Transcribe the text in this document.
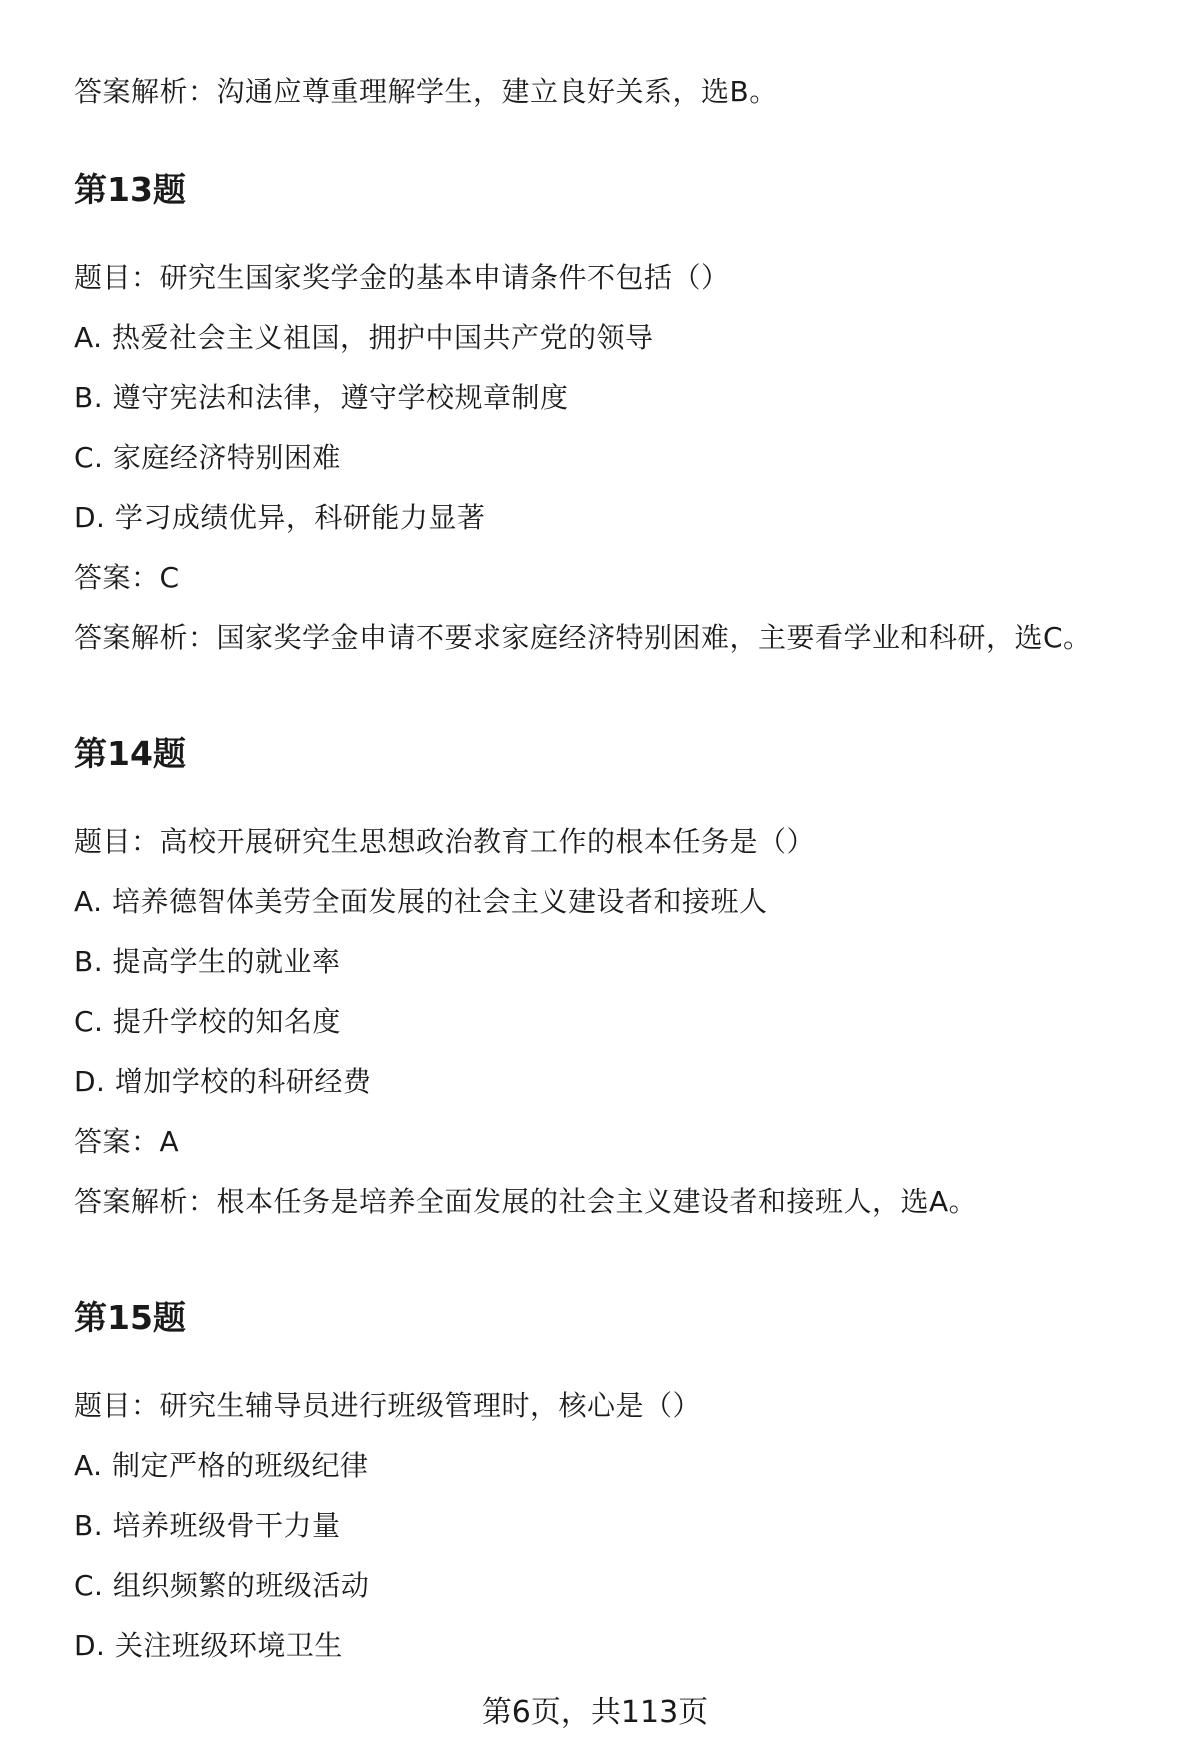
答案解析：沟通应尊重理解学生，建立良好关系，选B。
第13题
题目：研究生国家奖学金的基本申请条件不包括（）
A. 热爱社会主义祖国，拥护中国共产党的领导
B. 遵守宪法和法律，遵守学校规章制度
C. 家庭经济特别困难
D. 学习成绩优异，科研能力显著
答案：C
答案解析：国家奖学金申请不要求家庭经济特别困难，主要看学业和科研，选C。
第14题
题目：高校开展研究生思想政治教育工作的根本任务是（）
A. 培养德智体美劳全面发展的社会主义建设者和接班人
B. 提高学生的就业率
C. 提升学校的知名度
D. 增加学校的科研经费
答案：A
答案解析：根本任务是培养全面发展的社会主义建设者和接班人，选A。
第15题
题目：研究生辅导员进行班级管理时，核心是（）
A. 制定严格的班级纪律
B. 培养班级骨干力量
C. 组织频繁的班级活动
D. 关注班级环境卫生
第6页，共113页
